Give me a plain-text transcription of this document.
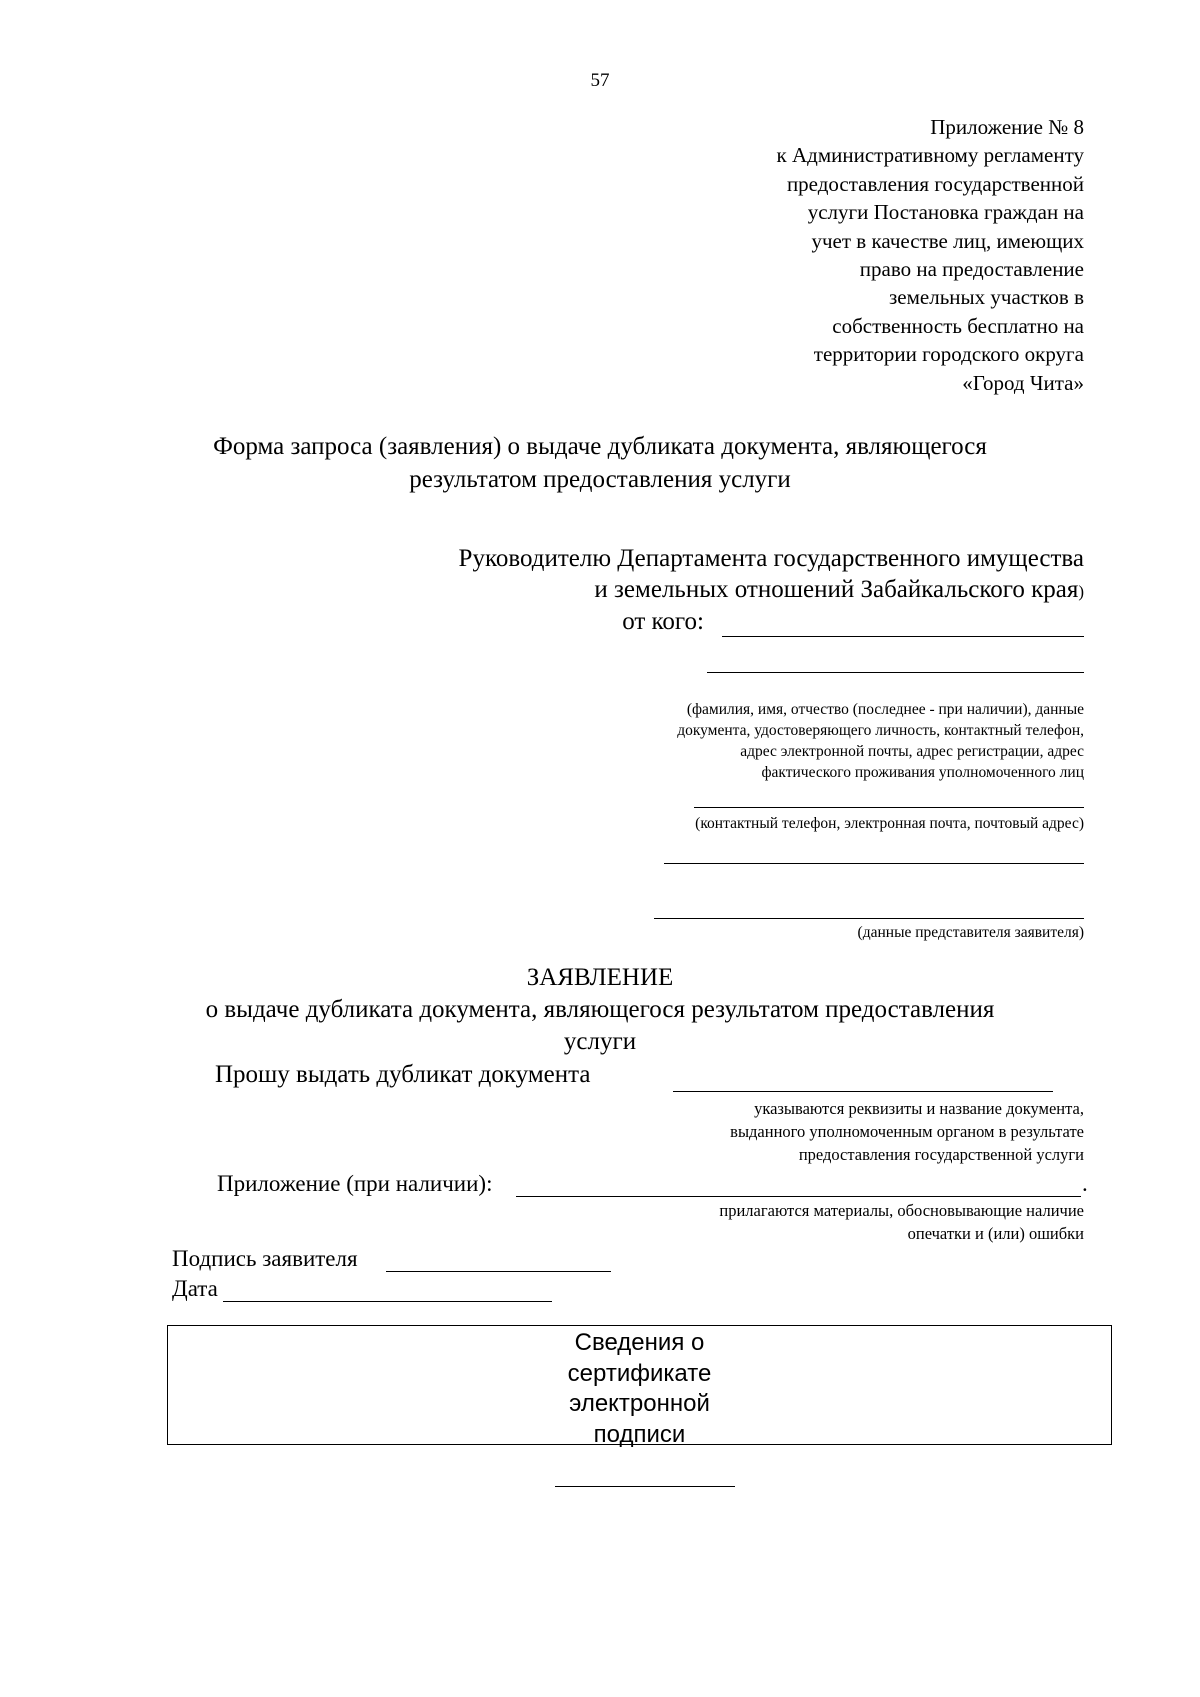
57
Приложение № 8
к Административному регламенту
предоставления государственной
услуги Постановка граждан на
учет в качестве лиц, имеющих
право на предоставление
земельных участков в
собственность бесплатно на
территории городского округа
«Город Чита»
Форма запроса (заявления) о выдаче дубликата документа, являющегося
результатом предоставления услуги
Руководителю Департамента государственного имущества
и земельных отношений Забайкальского края)
от кого:
(фамилия, имя, отчество (последнее - при наличии), данные
документа, удостоверяющего личность, контактный телефон,
адрес электронной почты, адрес регистрации, адрес
фактического проживания уполномоченного лиц
(контактный телефон, электронная почта, почтовый адрес)
(данные представителя заявителя)
ЗАЯВЛЕНИЕ
о выдаче дубликата документа, являющегося результатом предоставления
услуги
Прошу выдать дубликат документа
указываются реквизиты и название документа,
выданного уполномоченным органом в результате
предоставления государственной услуги
Приложение (при наличии):	.
прилагаются материалы, обосновывающие наличие
опечатки и (или) ошибки
Подпись заявителя
Дата
Сведения о
сертификате
электронной
подписи
